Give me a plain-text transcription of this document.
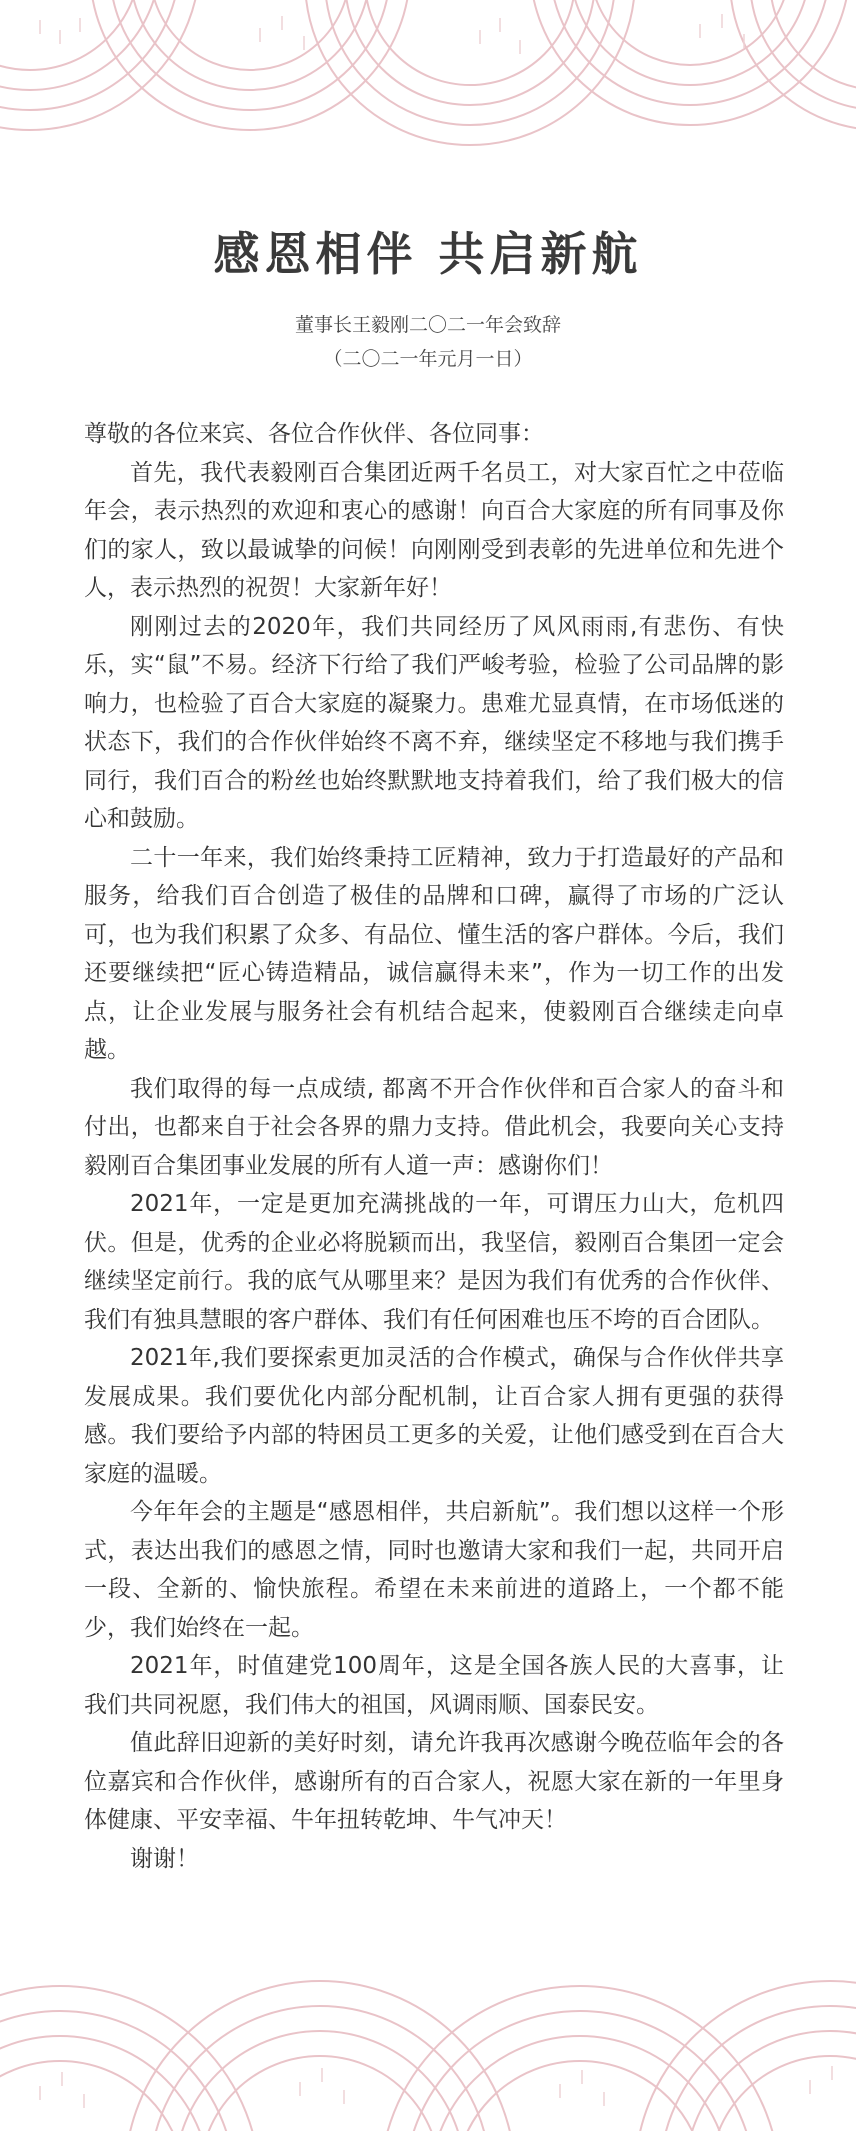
感恩相伴 共启新航
董事长王毅刚二〇二一年会致辞
（二〇二一年元月一日）

尊敬的各位来宾、各位合作伙伴、各位同事：

首先，我代表毅刚百合集团近两千名员工，对大家百忙之中莅临年会，表示热烈的欢迎和衷心的感谢！向百合大家庭的所有同事及你们的家人，致以最诚挚的问候！向刚刚受到表彰的先进单位和先进个人，表示热烈的祝贺！大家新年好！

刚刚过去的2020年，我们共同经历了风风雨雨,有悲伤、有快乐，实“鼠”不易。经济下行给了我们严峻考验，检验了公司品牌的影响力，也检验了百合大家庭的凝聚力。患难尤显真情，在市场低迷的状态下，我们的合作伙伴始终不离不弃，继续坚定不移地与我们携手同行，我们百合的粉丝也始终默默地支持着我们，给了我们极大的信心和鼓励。

二十一年来，我们始终秉持工匠精神，致力于打造最好的产品和服务，给我们百合创造了极佳的品牌和口碑，赢得了市场的广泛认可，也为我们积累了众多、有品位、懂生活的客户群体。今后，我们还要继续把“匠心铸造精品，诚信赢得未来”，作为一切工作的出发点，让企业发展与服务社会有机结合起来，使毅刚百合继续走向卓越。

我们取得的每一点成绩, 都离不开合作伙伴和百合家人的奋斗和付出，也都来自于社会各界的鼎力支持。借此机会，我要向关心支持毅刚百合集团事业发展的所有人道一声：感谢你们！

2021年，一定是更加充满挑战的一年，可谓压力山大，危机四伏。但是，优秀的企业必将脱颖而出，我坚信，毅刚百合集团一定会继续坚定前行。我的底气从哪里来？是因为我们有优秀的合作伙伴、我们有独具慧眼的客户群体、我们有任何困难也压不垮的百合团队。

2021年,我们要探索更加灵活的合作模式，确保与合作伙伴共享发展成果。我们要优化内部分配机制，让百合家人拥有更强的获得感。我们要给予内部的特困员工更多的关爱，让他们感受到在百合大家庭的温暖。

今年年会的主题是“感恩相伴，共启新航”。我们想以这样一个形式，表达出我们的感恩之情，同时也邀请大家和我们一起，共同开启一段、全新的、愉快旅程。希望在未来前进的道路上，一个都不能少，我们始终在一起。

2021年，时值建党100周年，这是全国各族人民的大喜事，让我们共同祝愿，我们伟大的祖国，风调雨顺、国泰民安。

值此辞旧迎新的美好时刻，请允许我再次感谢今晚莅临年会的各位嘉宾和合作伙伴，感谢所有的百合家人，祝愿大家在新的一年里身体健康、平安幸福、牛年扭转乾坤、牛气冲天！

谢谢！
